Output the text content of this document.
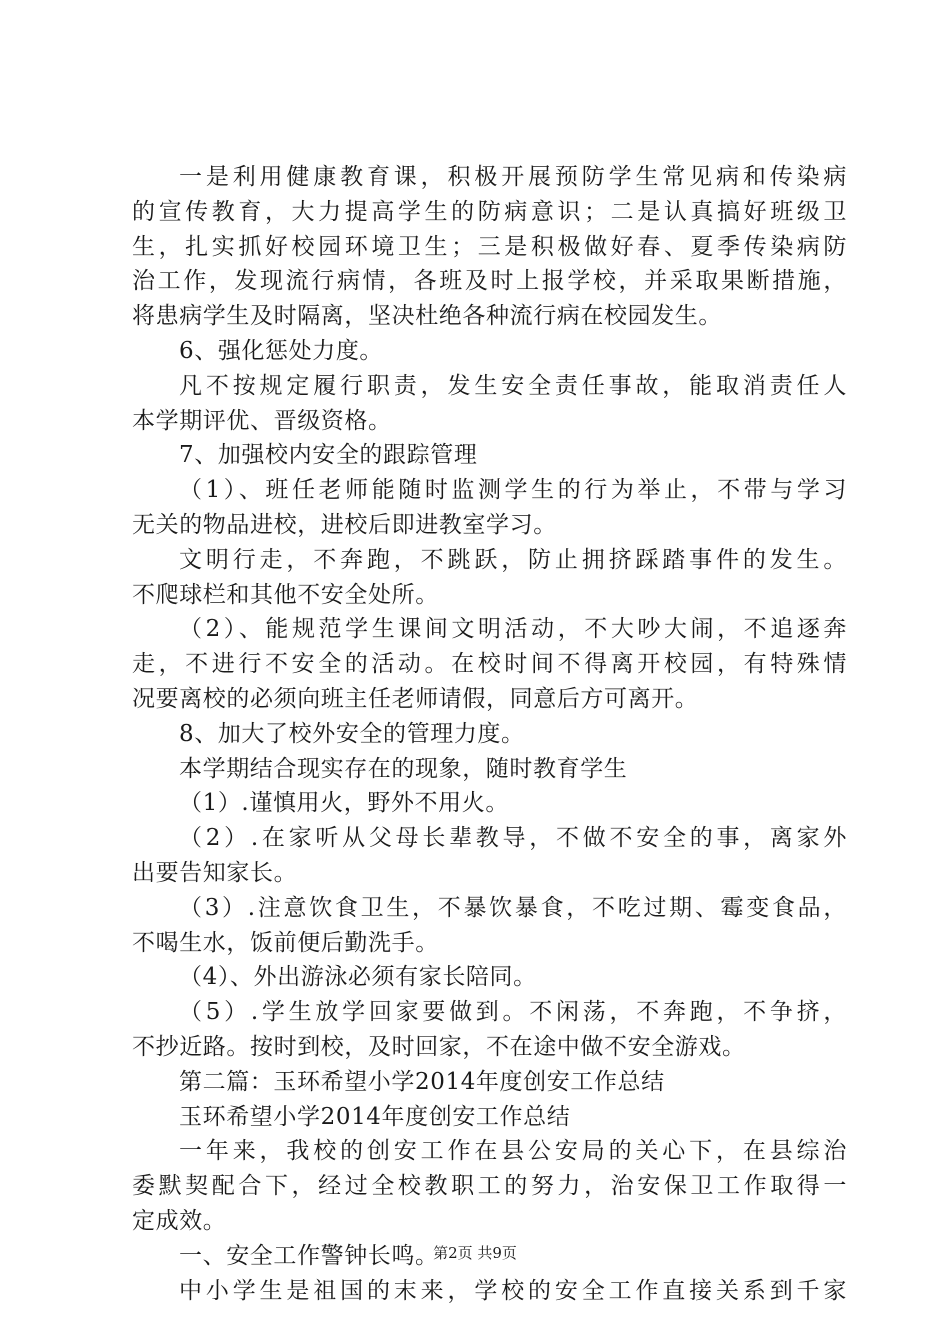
一是利用健康教育课，积极开展预防学生常见病和传染病
的宣传教育，大力提高学生的防病意识；二是认真搞好班级卫
生，扎实抓好校园环境卫生；三是积极做好春、夏季传染病防
治工作，发现流行病情，各班及时上报学校，并采取果断措施，
将患病学生及时隔离，坚决杜绝各种流行病在校园发生。
6、强化惩处力度。
凡不按规定履行职责，发生安全责任事故，能取消责任人
本学期评优、晋级资格。
7、加强校内安全的跟踪管理
（1）、班任老师能随时监测学生的行为举止，不带与学习
无关的物品进校，进校后即进教室学习。
文明行走，不奔跑，不跳跃，防止拥挤踩踏事件的发生。
不爬球栏和其他不安全处所。
（2）、能规范学生课间文明活动，不大吵大闹，不追逐奔
走，不进行不安全的活动。在校时间不得离开校园，有特殊情
况要离校的必须向班主任老师请假，同意后方可离开。
8、加大了校外安全的管理力度。
本学期结合现实存在的现象，随时教育学生
（1）.谨慎用火，野外不用火。
（2）.在家听从父母长辈教导，不做不安全的事，离家外
出要告知家长。
（3）.注意饮食卫生，不暴饮暴食，不吃过期、霉变食品，
不喝生水，饭前便后勤洗手。
（4）、外出游泳必须有家长陪同。
（5）.学生放学回家要做到。不闲荡，不奔跑，不争挤，
不抄近路。按时到校，及时回家，不在途中做不安全游戏。
第二篇：玉环希望小学2014年度创安工作总结
玉环希望小学2014年度创安工作总结
一年来，我校的创安工作在县公安局的关心下，在县综治
委默契配合下，经过全校教职工的努力，治安保卫工作取得一
定成效。
一、安全工作警钟长鸣。
中小学生是祖国的末来，学校的安全工作直接关系到千家
第2页 共9页
